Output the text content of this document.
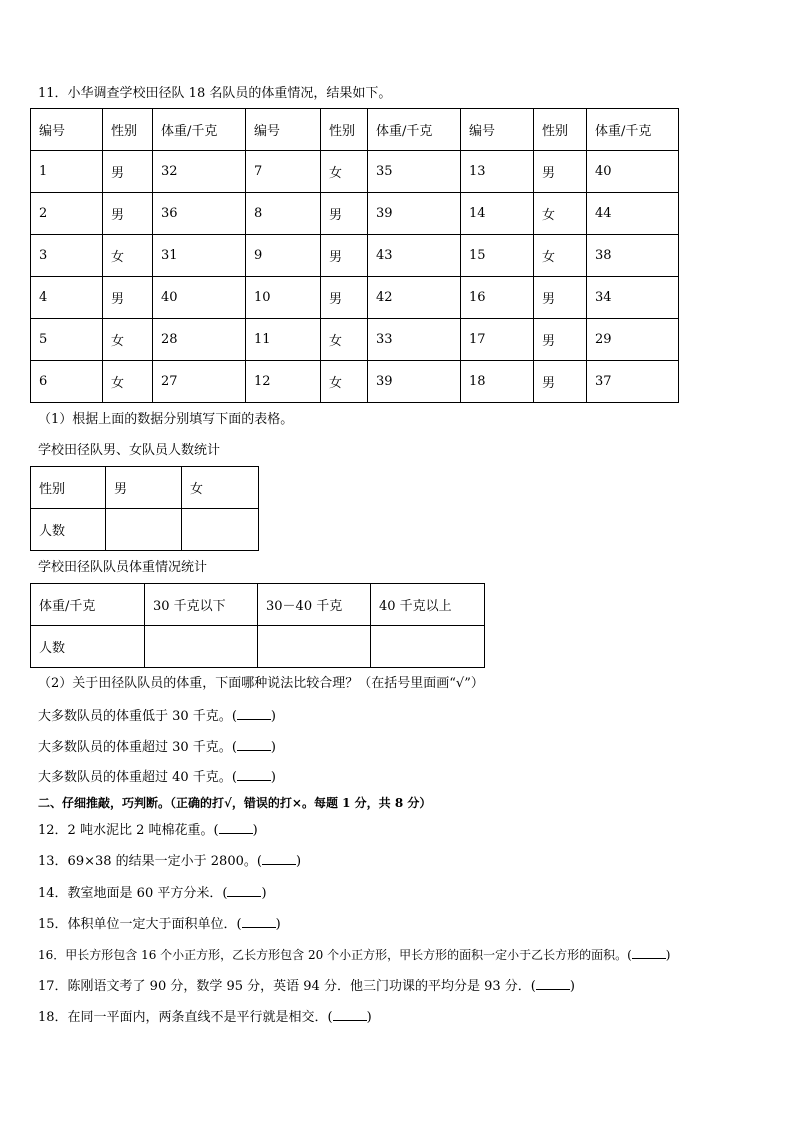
11．小华调查学校田径队 18 名队员的体重情况，结果如下。
编号	性别	体重/千克	编号	性别	体重/千克	编号	性别	体重/千克
1	男	32	7	女	35	13	男	40
2	男	36	8	男	39	14	女	44
3	女	31	9	男	43	15	女	38
4	男	40	10	男	42	16	男	34
5	女	28	11	女	33	17	男	29
6	女	27	12	女	39	18	男	37
（1）根据上面的数据分别填写下面的表格。
学校田径队男、女队员人数统计
性别	男	女
人数		
学校田径队队员体重情况统计
体重/千克	30 千克以下	30－40 千克	40 千克以上
人数			
（2）关于田径队队员的体重，下面哪种说法比较合理？（在括号里面画“√”）
大多数队员的体重低于 30 千克。(	)
大多数队员的体重超过 30 千克。(	)
大多数队员的体重超过 40 千克。(	)
二、仔细推敲，巧判断。（正确的打√，错误的打×。每题 1 分，共 8 分）
12．2 吨水泥比 2 吨棉花重。(	)
13．69×38 的结果一定小于 2800。(	)
14．教室地面是 60 平方分米．(	)
15．体积单位一定大于面积单位．(	)
16．甲长方形包含 16 个小正方形，乙长方形包含 20 个小正方形，甲长方形的面积一定小于乙长方形的面积。(	)
17．陈刚语文考了 90 分，数学 95 分，英语 94 分．他三门功课的平均分是 93 分．(	)
18．在同一平面内，两条直线不是平行就是相交．(	)
